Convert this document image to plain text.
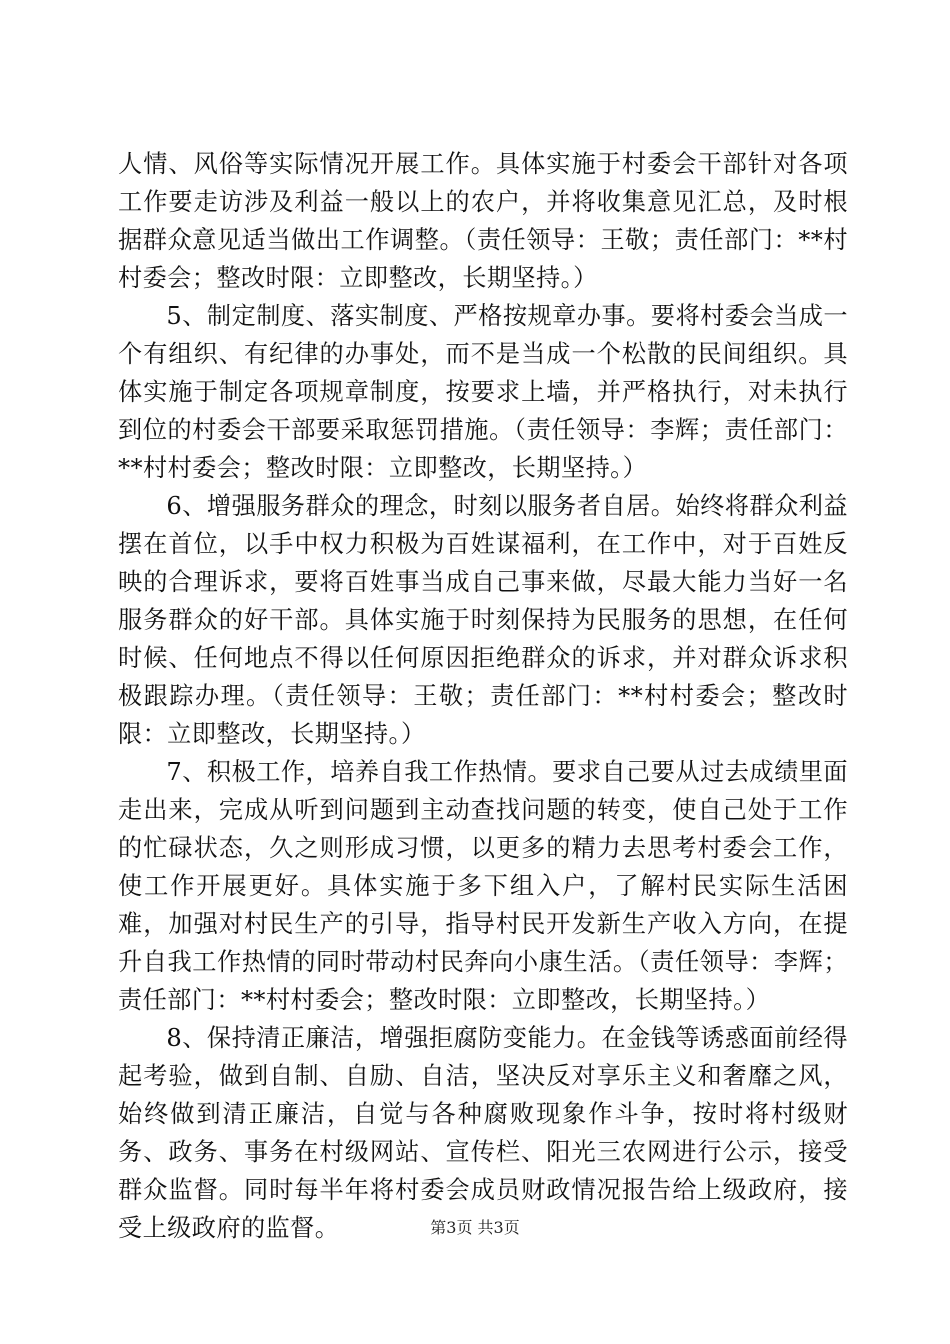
人情、风俗等实际情况开展工作。具体实施于村委会干部针对各项工作要走访涉及利益一般以上的农户，并将收集意见汇总，及时根据群众意见适当做出工作调整。（责任领导：王敬；责任部门：**村村委会；整改时限：立即整改，长期坚持。）

5、制定制度、落实制度、严格按规章办事。要将村委会当成一个有组织、有纪律的办事处，而不是当成一个松散的民间组织。具体实施于制定各项规章制度，按要求上墙，并严格执行，对未执行到位的村委会干部要采取惩罚措施。（责任领导：李辉；责任部门：**村村委会；整改时限：立即整改，长期坚持。）

6、增强服务群众的理念，时刻以服务者自居。始终将群众利益摆在首位，以手中权力积极为百姓谋福利，在工作中，对于百姓反映的合理诉求，要将百姓事当成自己事来做，尽最大能力当好一名服务群众的好干部。具体实施于时刻保持为民服务的思想，在任何时候、任何地点不得以任何原因拒绝群众的诉求，并对群众诉求积极跟踪办理。（责任领导：王敬；责任部门：**村村委会；整改时限：立即整改，长期坚持。）

7、积极工作，培养自我工作热情。要求自己要从过去成绩里面走出来，完成从听到问题到主动查找问题的转变，使自己处于工作的忙碌状态，久之则形成习惯，以更多的精力去思考村委会工作，使工作开展更好。具体实施于多下组入户，了解村民实际生活困难，加强对村民生产的引导，指导村民开发新生产收入方向，在提升自我工作热情的同时带动村民奔向小康生活。（责任领导：李辉；责任部门：**村村委会；整改时限：立即整改，长期坚持。）

8、保持清正廉洁，增强拒腐防变能力。在金钱等诱惑面前经得起考验，做到自制、自励、自洁，坚决反对享乐主义和奢靡之风，始终做到清正廉洁，自觉与各种腐败现象作斗争，按时将村级财务、政务、事务在村级网站、宣传栏、阳光三农网进行公示，接受群众监督。同时每半年将村委会成员财政情况报告给上级政府，接受上级政府的监督。	第3页 共3页
